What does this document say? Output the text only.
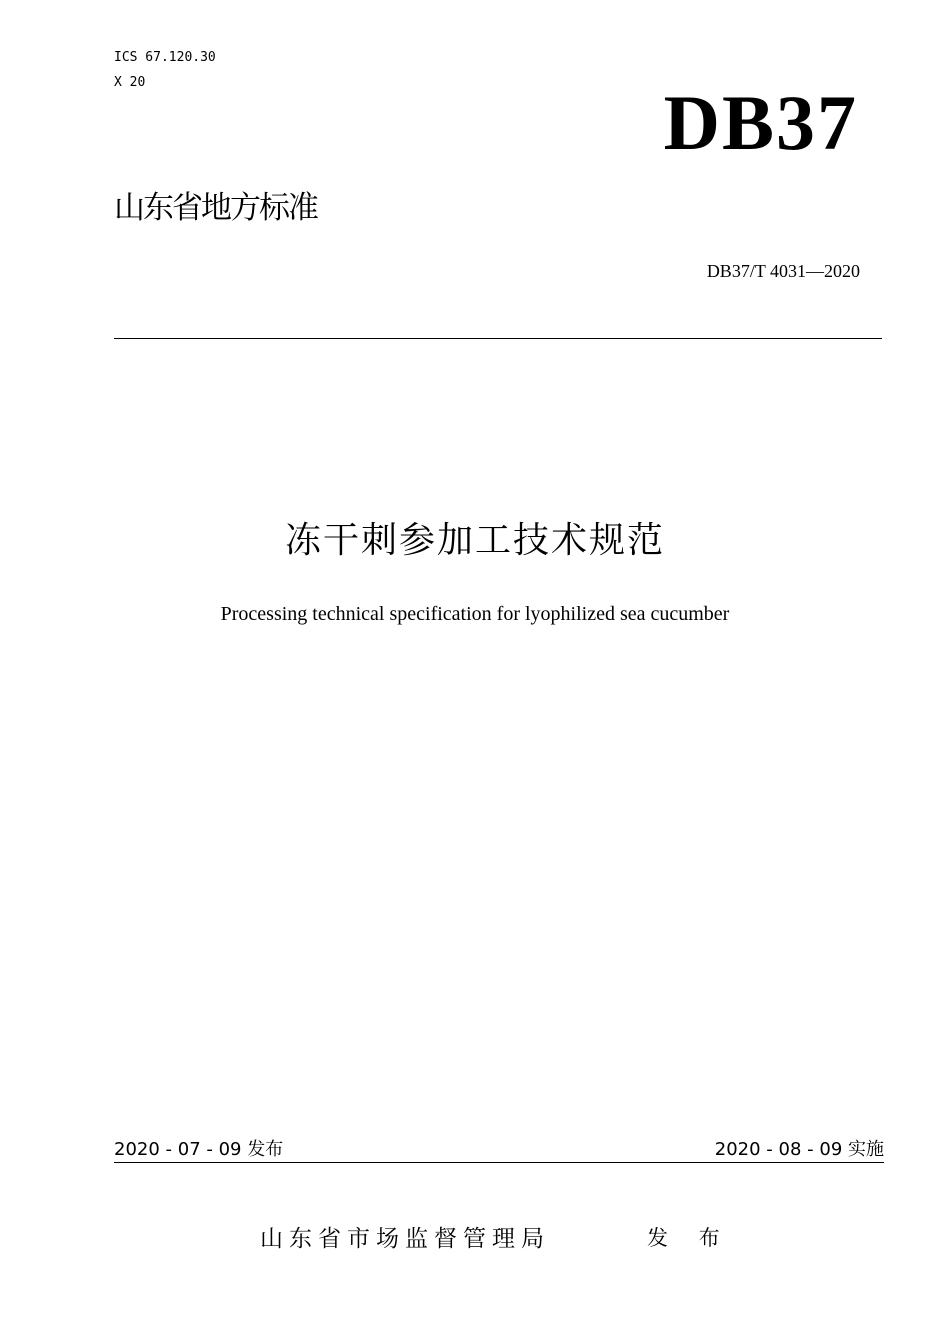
ICS 67.120.30
X 20	DB37
山东省地方标准
DB37/T 4031—2020
冻干刺参加工技术规范
Processing technical specification for lyophilized sea cucumber
2020 - 07 - 09 发布	2020 - 08 - 09 实施
山东省市场监督管理局	发 布
